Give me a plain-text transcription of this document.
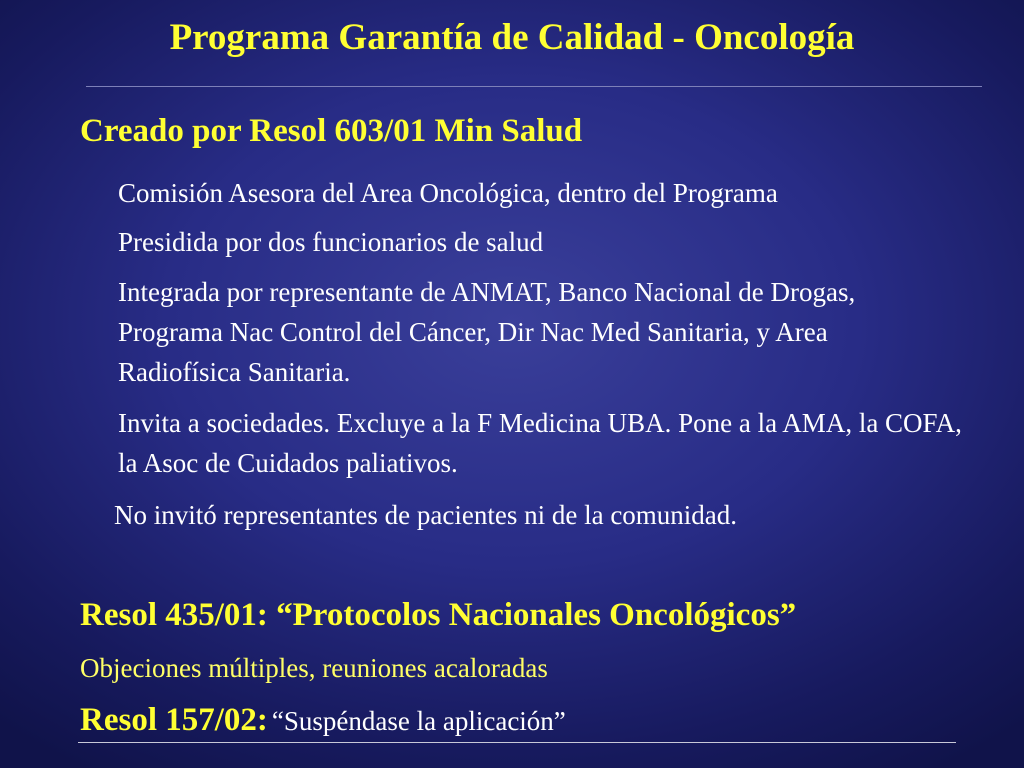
Programa Garantía de Calidad - Oncología

Creado por Resol 603/01 Min Salud

Comisión Asesora del Area Oncológica, dentro del Programa

Presidida por dos funcionarios de salud

Integrada por representante de ANMAT, Banco Nacional de Drogas, Programa Nac Control del Cáncer, Dir Nac Med Sanitaria, y Area Radiofísica Sanitaria.

Invita a sociedades. Excluye a la F Medicina UBA. Pone a la AMA, la COFA, la Asoc de Cuidados paliativos.

No invitó representantes de pacientes ni de la comunidad.

Resol 435/01: “Protocolos Nacionales Oncológicos”

Objeciones múltiples, reuniones acaloradas

Resol 157/02: “Suspéndase la aplicación”
